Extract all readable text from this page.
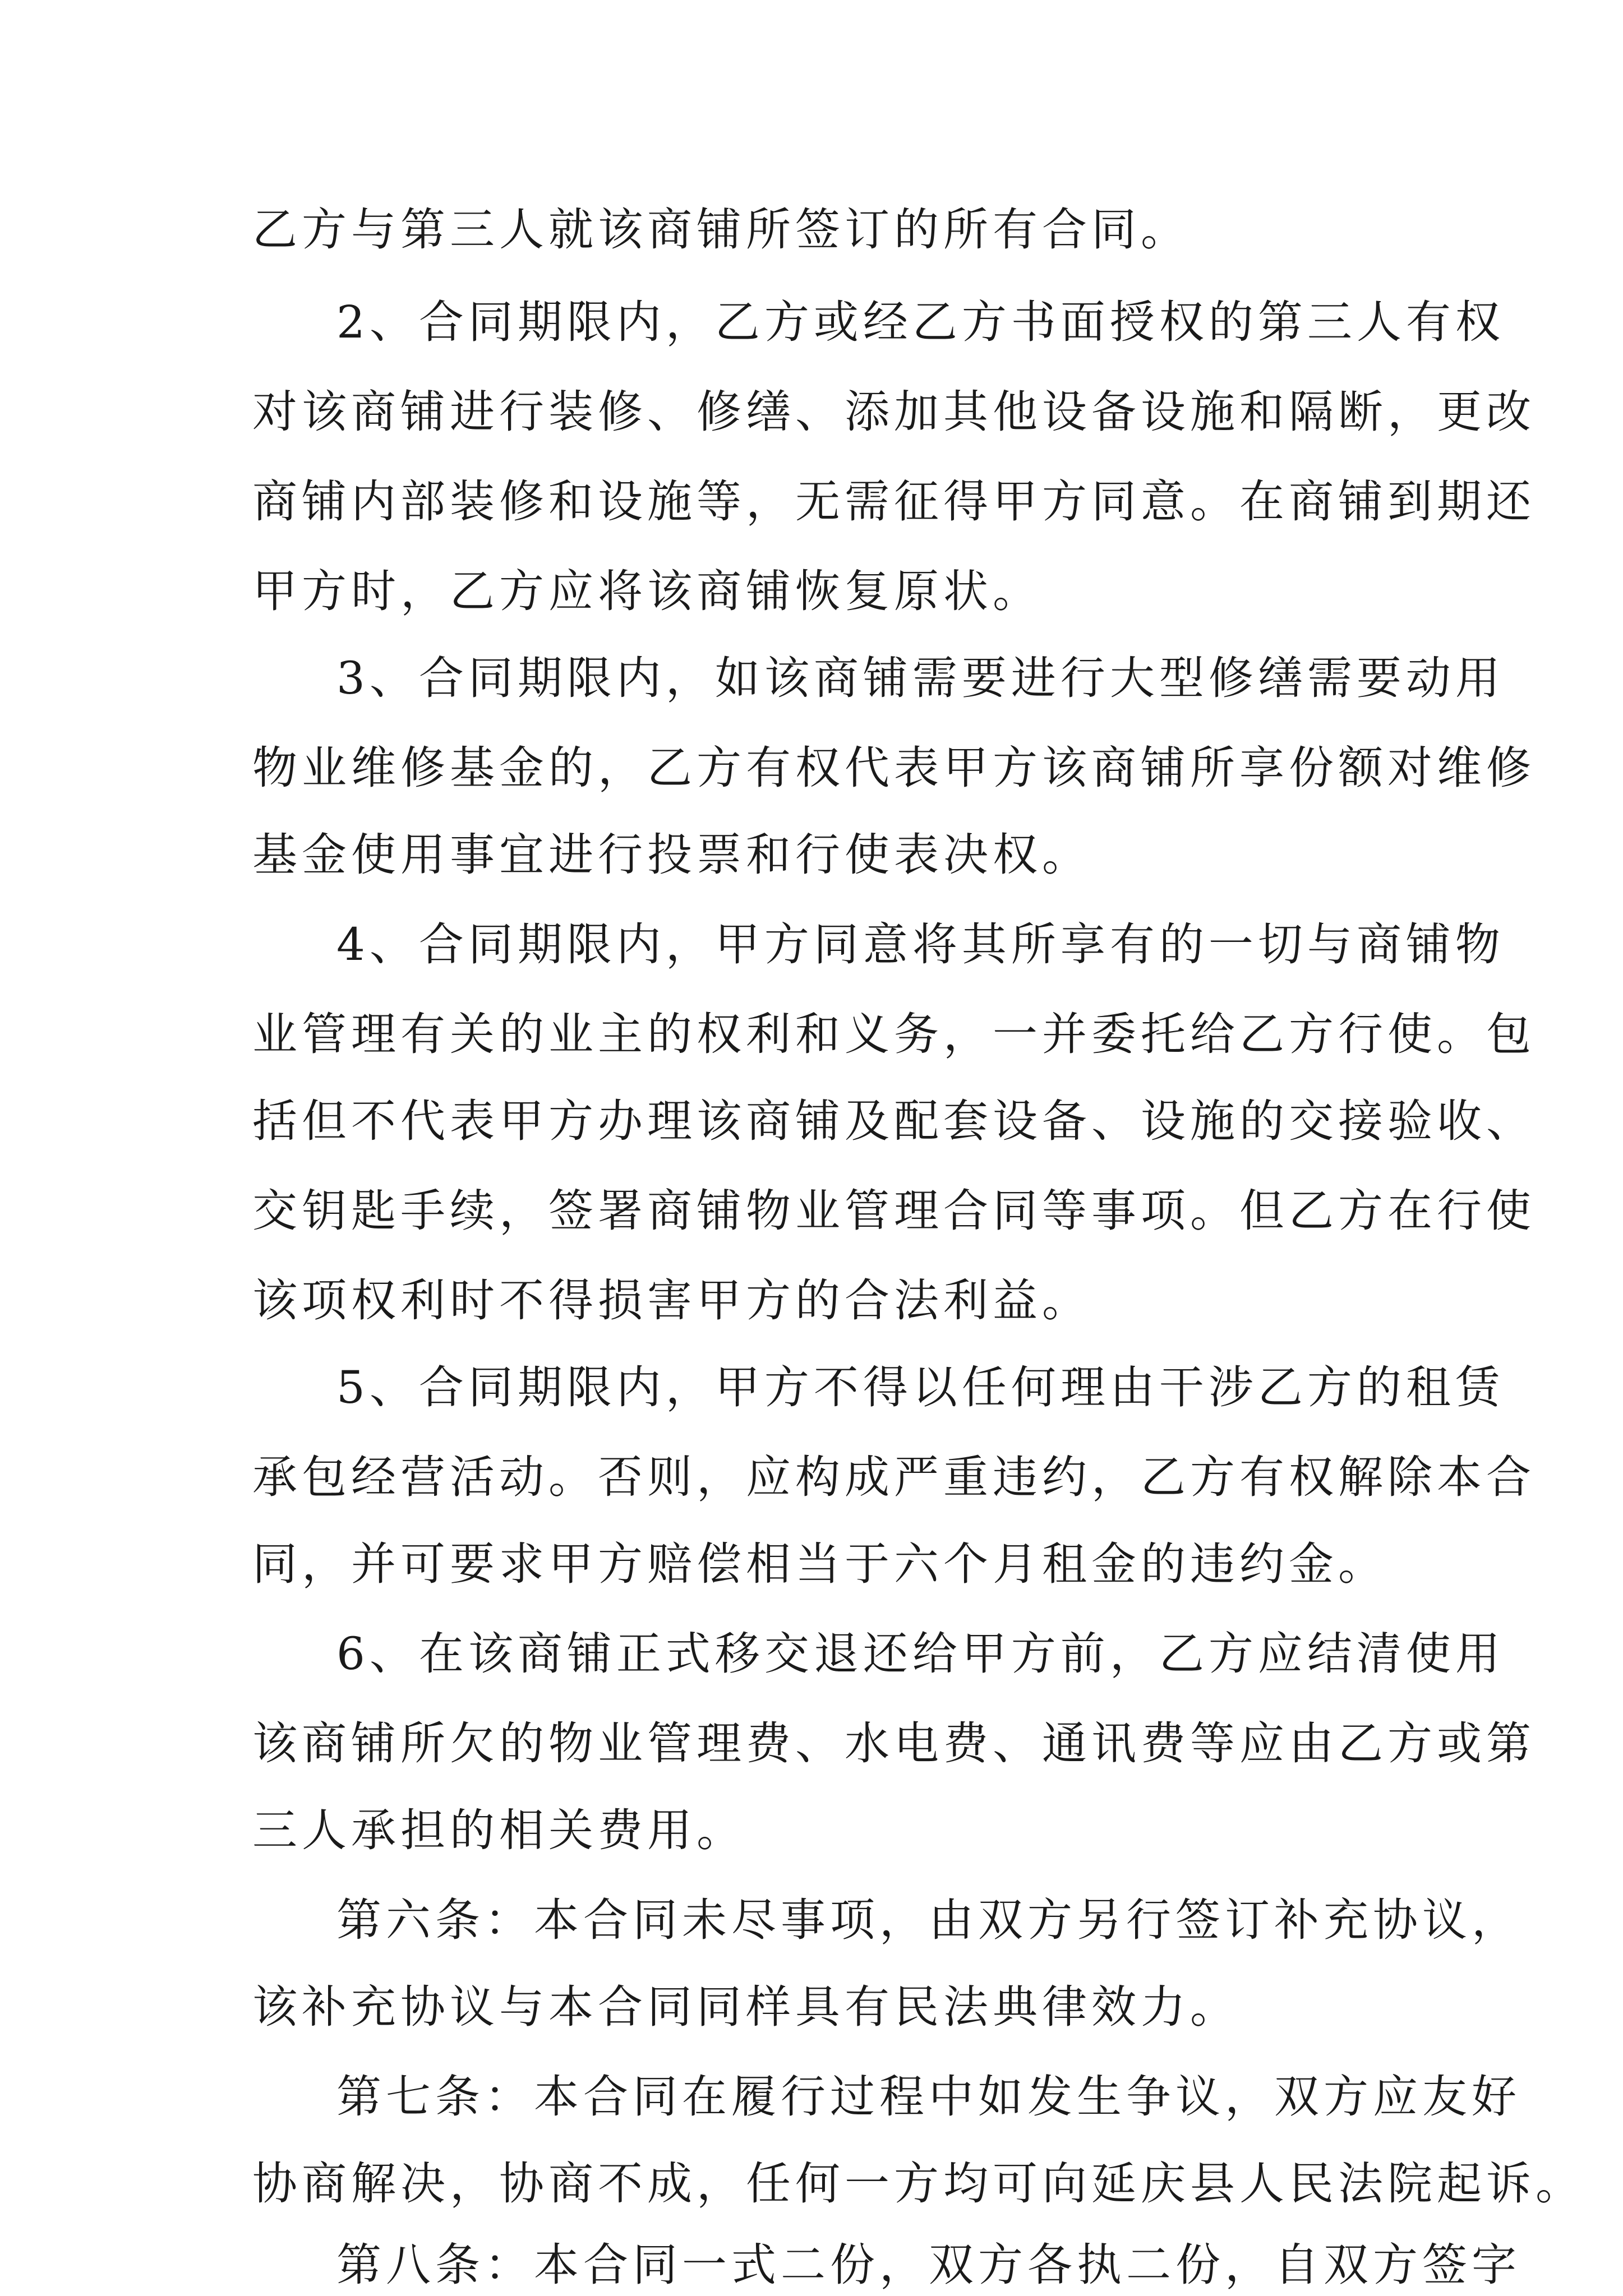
乙方与第三人就该商铺所签订的所有合同。
2、合同期限内，乙方或经乙方书面授权的第三人有权
对该商铺进行装修、修缮、添加其他设备设施和隔断，更改
商铺内部装修和设施等，无需征得甲方同意。在商铺到期还
甲方时，乙方应将该商铺恢复原状。
3、合同期限内，如该商铺需要进行大型修缮需要动用
物业维修基金的，乙方有权代表甲方该商铺所享份额对维修
基金使用事宜进行投票和行使表决权。
4、合同期限内，甲方同意将其所享有的一切与商铺物
业管理有关的业主的权利和义务，一并委托给乙方行使。包
括但不代表甲方办理该商铺及配套设备、设施的交接验收、
交钥匙手续，签署商铺物业管理合同等事项。但乙方在行使
该项权利时不得损害甲方的合法利益。
5、合同期限内，甲方不得以任何理由干涉乙方的租赁
承包经营活动。否则，应构成严重违约，乙方有权解除本合
同，并可要求甲方赔偿相当于六个月租金的违约金。
6、在该商铺正式移交退还给甲方前，乙方应结清使用
该商铺所欠的物业管理费、水电费、通讯费等应由乙方或第
三人承担的相关费用。
第六条：本合同未尽事项，由双方另行签订补充协议，
该补充协议与本合同同样具有民法典律效力。
第七条：本合同在履行过程中如发生争议，双方应友好
协商解决，协商不成，任何一方均可向延庆县人民法院起诉。
第八条：本合同一式二份，双方各执二份，自双方签字
